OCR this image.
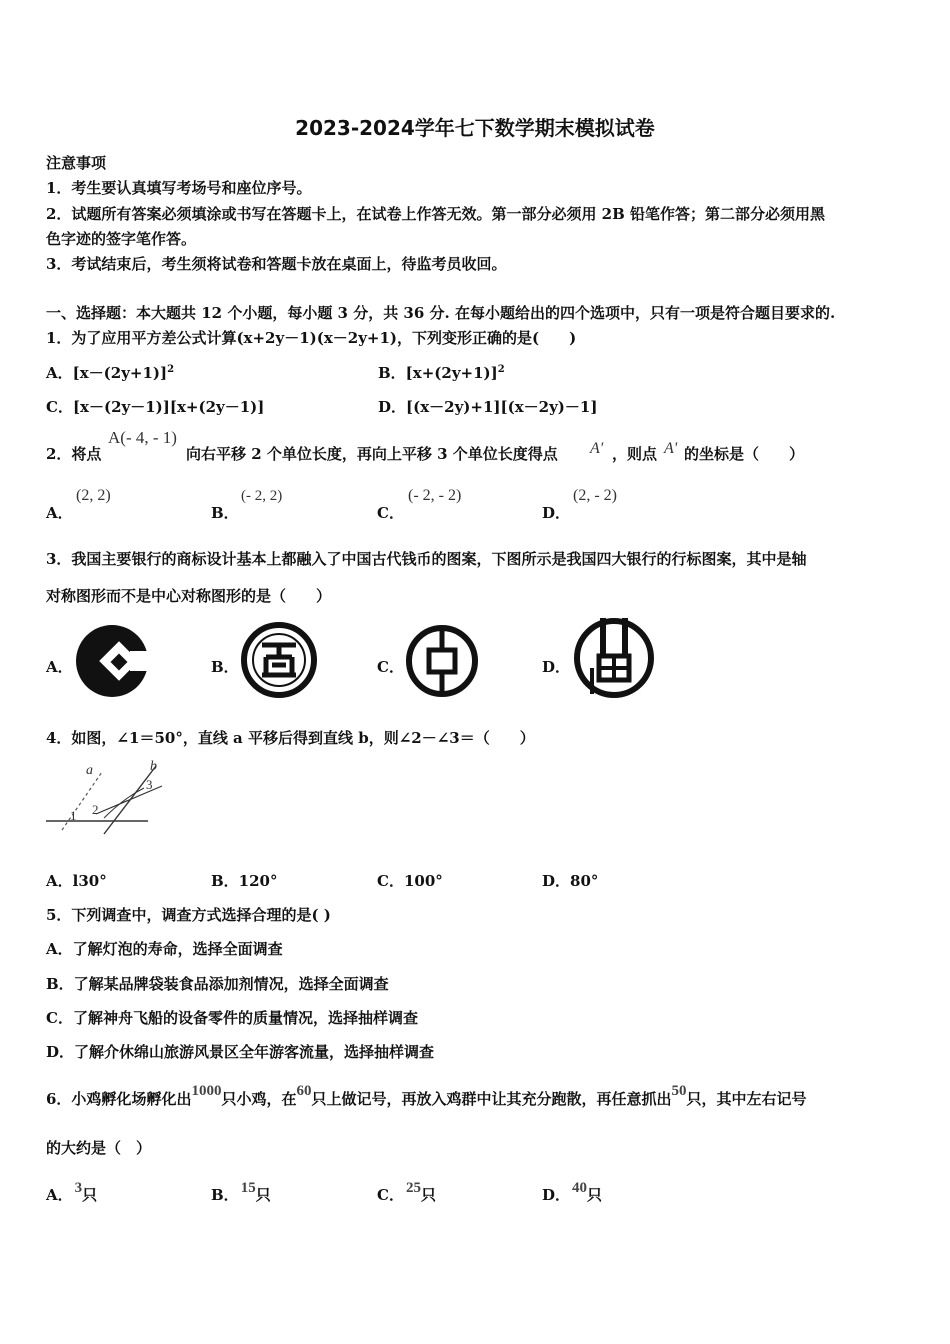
2023-2024学年七下数学期末模拟试卷
注意事项
1．考生要认真填写考场号和座位序号。
2．试题所有答案必须填涂或书写在答题卡上，在试卷上作答无效。第一部分必须用 2B 铅笔作答；第二部分必须用黑
色字迹的签字笔作答。
3．考试结束后，考生须将试卷和答题卡放在桌面上，待监考员收回。
一、选择题：本大题共 12 个小题，每小题 3 分，共 36 分. 在每小题给出的四个选项中，只有一项是符合题目要求的.
1．为了应用平方差公式计算(x+2y－1)(x－2y+1)，下列变形正确的是(　　)
A．$[x-(2y+1)]^2$	B．$[x+(2y+1)]^2$
C．[x－(2y－1)][x+(2y－1)]	D．[(x－2y)+1][(x－2y)－1]
2．将点
A(- 4, - 1)
向右平移 2 个单位长度，再向上平移 3 个单位长度得点 A' ，则点 A' 的坐标是（　　）
A．
(2, 2)
B．
(- 2, 2)
C．
(- 2, - 2)
D．
(2, - 2)
3．我国主要银行的商标设计基本上都融入了中国古代钱币的图案，下图所示是我国四大银行的行标图案，其中是轴
对称图形而不是中心对称图形的是（　　）
A．	B．	C．	D．
4．如图，∠1＝50°，直线 a 平移后得到直线 b，则∠2－∠3＝（　　）
a	b
1 2
3
A．l30°	B．120°	C．100°	D．80°
5．下列调查中，调查方式选择合理的是( )
A．了解灯泡的寿命，选择全面调查
B．了解某品牌袋装食品添加剂情况，选择全面调查
C．了解神舟飞船的设备零件的质量情况，选择抽样调查
D．了解介休绵山旅游风景区全年游客流量，选择抽样调查
6．小鸡孵化场孵化出1000只小鸡，在60只上做记号，再放入鸡群中让其充分跑散，再任意抓出50只，其中左右记号
的大约是（　）
A． 3只	B． 15只	C． 25只	D． 40只
